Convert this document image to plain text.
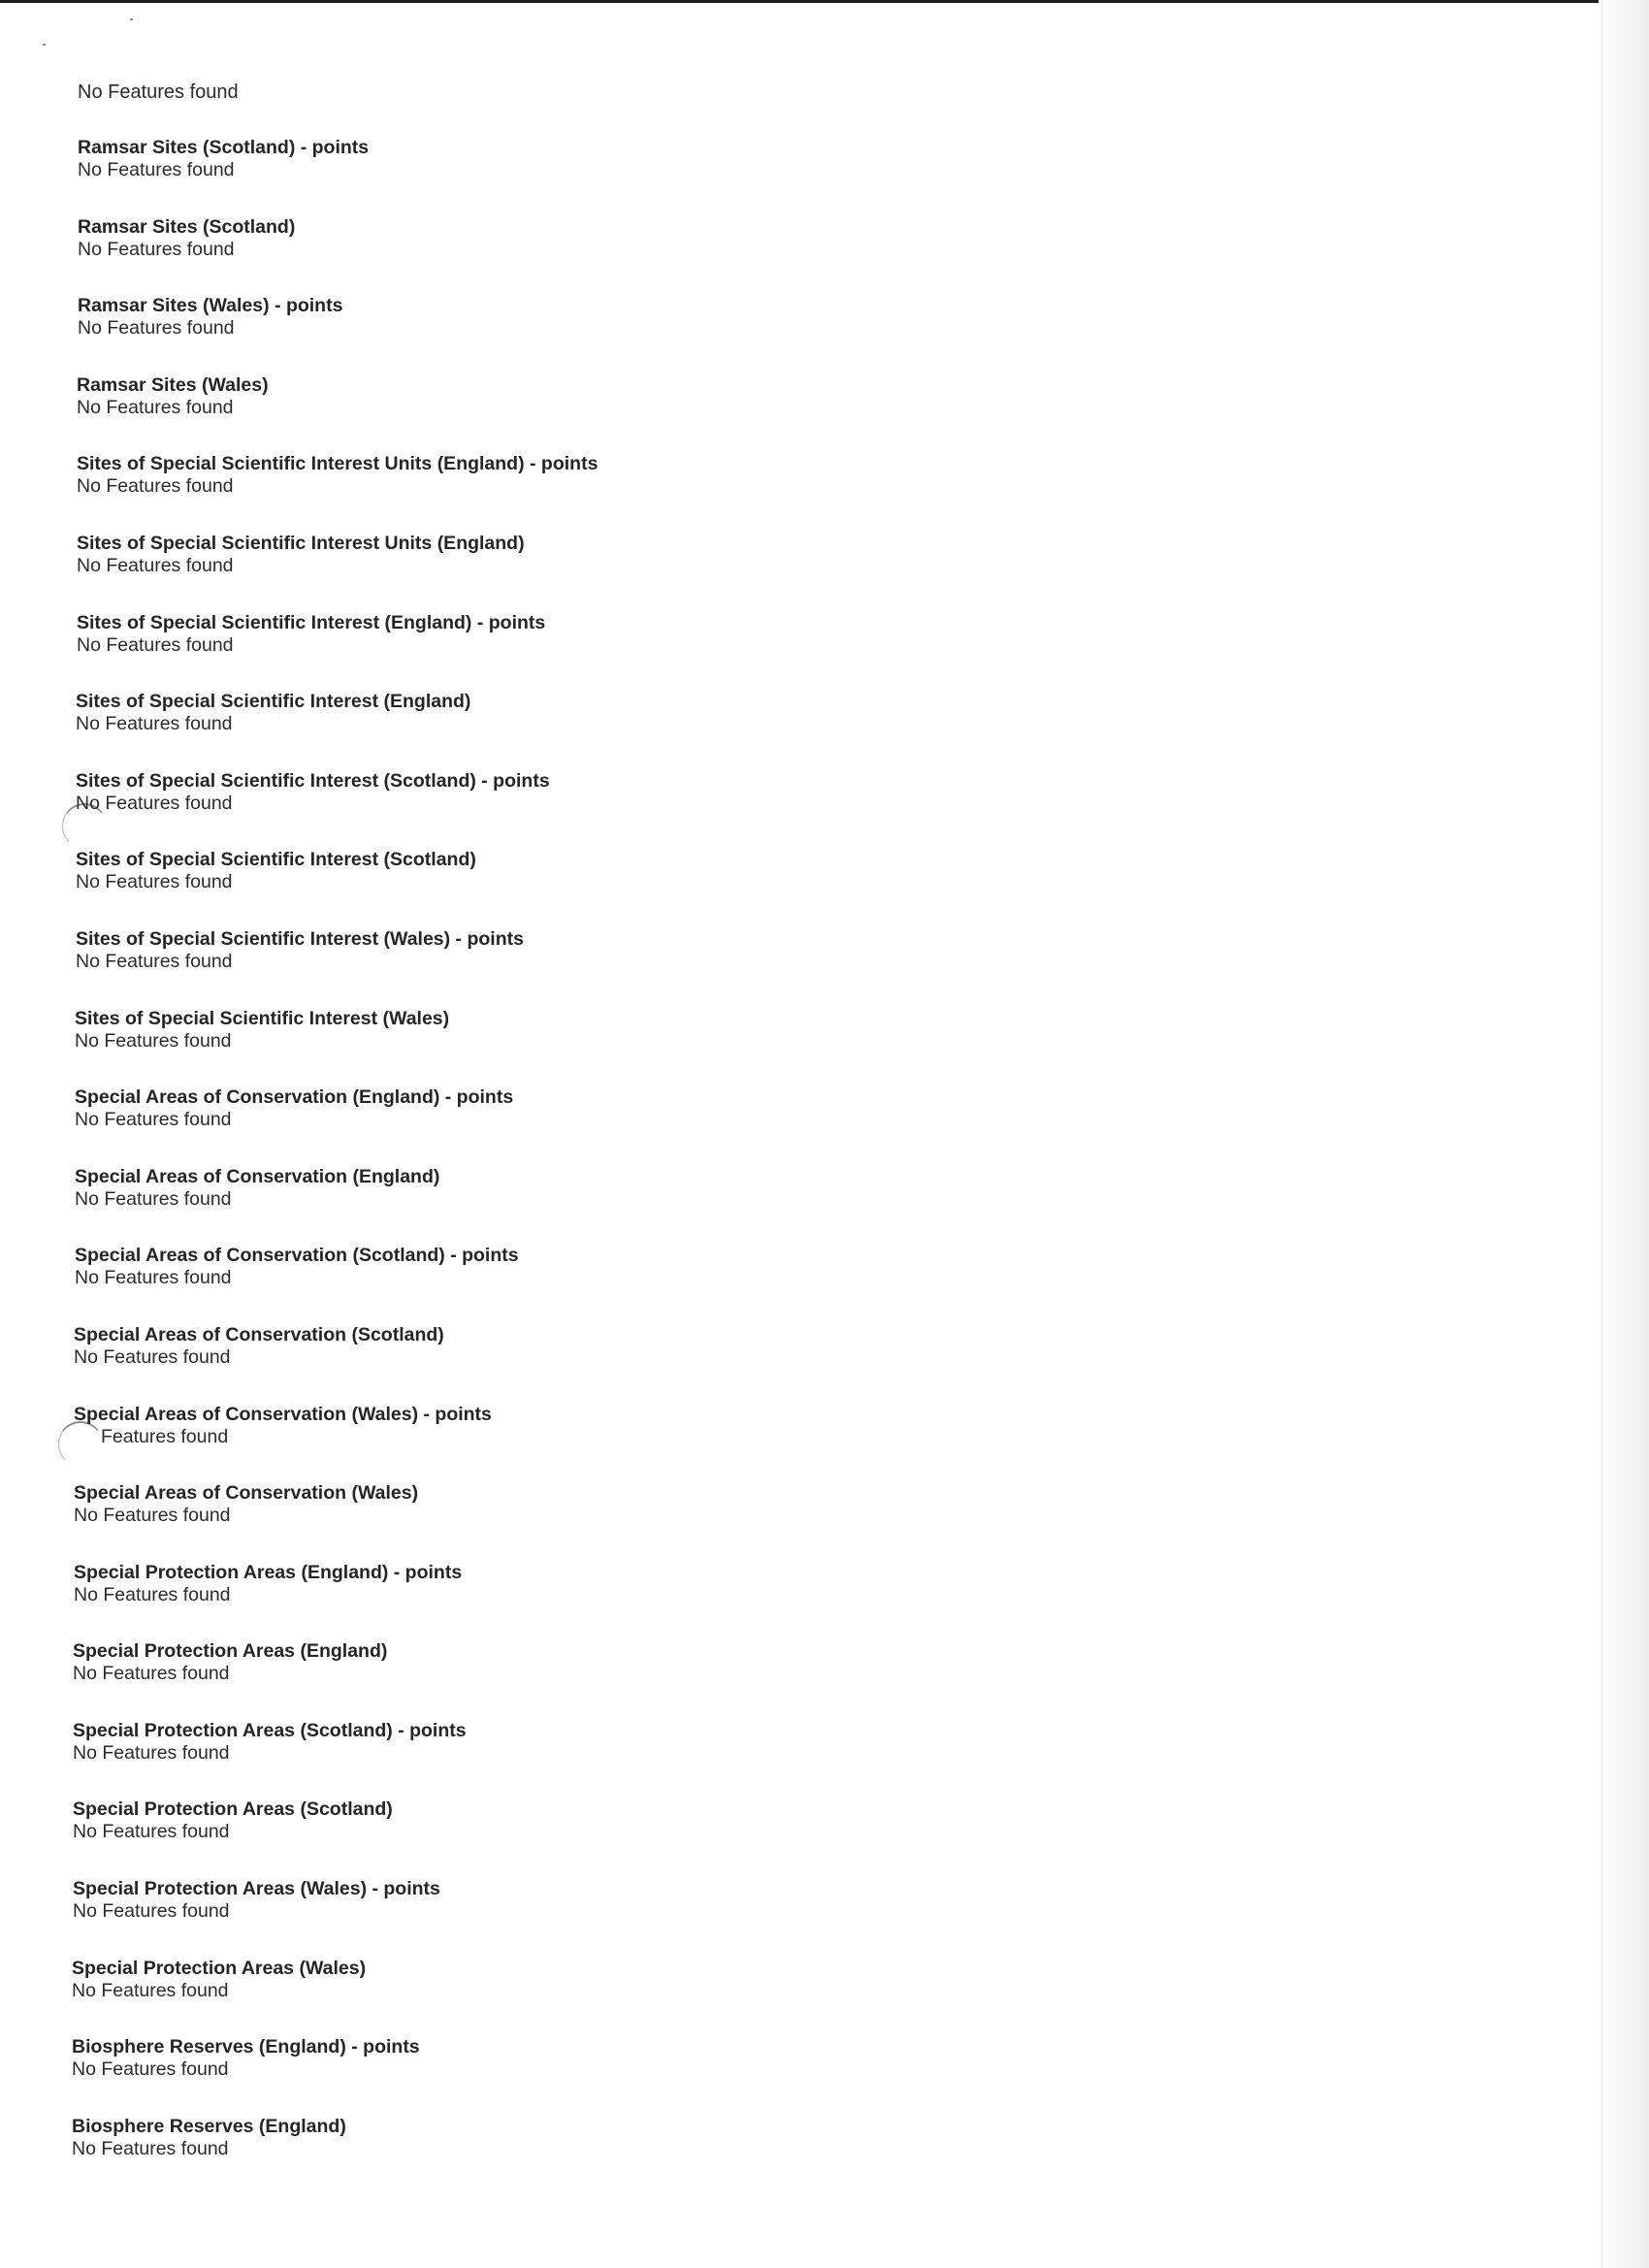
No Features found

Ramsar Sites (Scotland) - points
No Features found
Ramsar Sites (Scotland)
No Features found
Ramsar Sites (Wales) - points
No Features found
Ramsar Sites (Wales)
No Features found
Sites of Special Scientific Interest Units (England) - points
No Features found
Sites of Special Scientific Interest Units (England)
No Features found
Sites of Special Scientific Interest (England) - points
No Features found
Sites of Special Scientific Interest (England)
No Features found
Sites of Special Scientific Interest (Scotland) - points
No Features found
Sites of Special Scientific Interest (Scotland)
No Features found
Sites of Special Scientific Interest (Wales) - points
No Features found
Sites of Special Scientific Interest (Wales)
No Features found
Special Areas of Conservation (England) - points
No Features found
Special Areas of Conservation (England)
No Features found
Special Areas of Conservation (Scotland) - points
No Features found
Special Areas of Conservation (Scotland)
No Features found
Special Areas of Conservation (Wales) - points
Features found
Special Areas of Conservation (Wales)
No Features found
Special Protection Areas (England) - points
No Features found
Special Protection Areas (England)
No Features found
Special Protection Areas (Scotland) - points
No Features found
Special Protection Areas (Scotland)
No Features found
Special Protection Areas (Wales) - points
No Features found
Special Protection Areas (Wales)
No Features found
Biosphere Reserves (England) - points
No Features found
Biosphere Reserves (England)
No Features found
